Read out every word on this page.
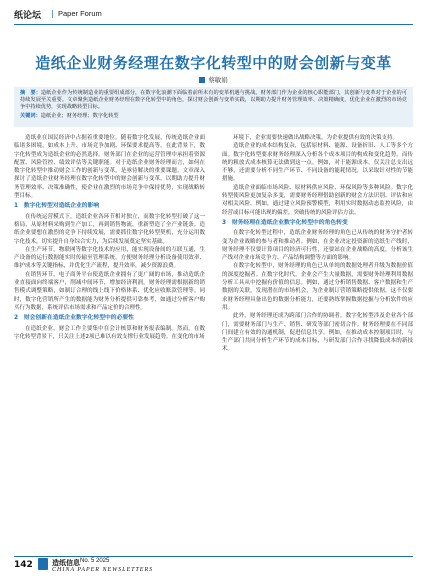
纸论坛 | Paper Forum
造纸企业财务经理在数字化转型中的财会创新与变革
蔡敏娟

摘　要：造纸企业作为传统制造业的重要组成部分，在数字化浪潮下面临着前所未有的变革机遇与挑战。财务部门作为企业的核心职能部门，其创新与变革对于企业的可持续发展至关重要。文章聚焦造纸企业财务经理在数字化转型中的角色，探讨财会创新与变革实践，以期助力提升财务管理效率、决策精确度，优化企业在激烈的市场竞争中持续优势，实现战略转型目标。

关键词：造纸企业；财务经理；数字化转型

造纸业在国民经济中占据着重要地位。随着数字化发展，传统造纸企业面临诸多困境，如成本上升、市场竞争加剧、环保要求提高等。在此背景下，数字化转型成为造纸企业的必然选择。财务部门在企业的运营管理中承担着资源配置、风险管控、绩效评估等关键职能。对于造纸企业财务经理而言，如何在数字化转型中推动财会工作的创新与变革，是亟待解决的重要课题。文章深入探讨了造纸企业财务经理在数字化转型中的财会创新与变革，以期助力提升财务管理效率、决策准确性，使企业在激烈的市场竞争中保持优势，实现战略转型目标。

1　数字化转型对造纸企业的影响

在传统运营模式下，造纸企业各环节相对独立，而数字化转型打破了这一格局，从原材料采购到生产加工，再到销售物流，重新塑造了全产业链条。造纸企业要想在激烈的竞争下持续发展，需要抓住数字化转型契机，充分运用数字化技术，切实提升自身综合实力，为后续发展奠定坚实基础。

在生产环节，物联网等数字化技术的应用，能实现设备间的互联互通，生产设备的运行数据能实时传输至管理系统，方便财务经理分析设备使用效率、维护成本等关键指标，并优化生产流程，提升效率，减少资源浪费。

在销售环节，电子商务平台使造纸企业拥有了更广阔的市场，推动造纸企业直接面向终端客户，削减中间环节，增加经济利润。财务经理需根据新的销售模式调整策略，如制订合理的线上线下价格体系、优化应收账款管理等。同时，数字化营销所产生的数据能为财务分析提供可靠参考，如通过分析客户购买行为数据，系统评估市场需求和产品定价的合理性。

2　财会创新在造纸企业数字化转型中的必要性

在造纸企业，财会工作主要集中在会计核算和财务报表编制。然而，在数字化转型背景下，只关注上述2项已难以有效支撑行业发展趋势。在变化的市场

环境下，企业需要快速做出战略决策，为企业提供有效的决策支持。

造纸企业的成本结构复杂，包括原材料、能源、设备折旧、人工等多个方面。数字化转型要求财务经理深入分析各个成本项目的构成和变化趋势。而传统的粗放式成本核算无法做到这一点。例如，对于能源成本，仅关注总支出远不够，还需要分析不同生产环节、不同设备的能耗情况，以采取针对性的节能措施。

造纸企业面临市场风险、原材料供应风险、环保风险等多种风险。数字化转型使风险更加复杂多变，需要财务经理借助创新的财会方法识别、评估和应对相关风险。例如，通过建立风险预警模型，利用实时数据动态监控风险，由经营或目标可能出现的偏差，突破传统的风险评估方法。

3　财务经理在造纸企业数字化转型中的角色转变

在数字化转型过程中，造纸企业财务经理的角色已从传统的财务守护者转变为企业战略的参与者和推动者。例如，在企业决定投资新的造纸生产线时，财务经理不仅要计算项目的经济可行性，还要站在企业战略的高度，分析该生产线对企业市场竞争力、产品结构调整等方面的影响。

在数字化转型中，财务经理的角色已从单纯的数据处理者升级为数据价值的深度挖掘者。在数字化时代，企业会产生大量数据，需要财务经理利用数据分析工具从中挖掘有价值的信息。例如，通过分析销售数据、客户数据和生产数据的关联，发现潜在的市场机会，为企业制订营销策略提供依据。这不仅要求财务经理具备出色的数据分析能力，还要熟练掌握数据挖掘与分析软件的应用。

此外，财务经理还成为跨部门合作的协调者。数字化转型涉及企业各个部门，需要财务部门与生产、销售、研发等部门密切合作。财务经理要在不同部门间建立有效的沟通机制，促进信息共享。例如，在推动成本控制项目时，与生产部门共同分析生产环节的成本目标，与研发部门合作寻找降低成本的新技术。

142	造纸信息 No. 5 2025
CHINA PAPER NEWSLETTERS
